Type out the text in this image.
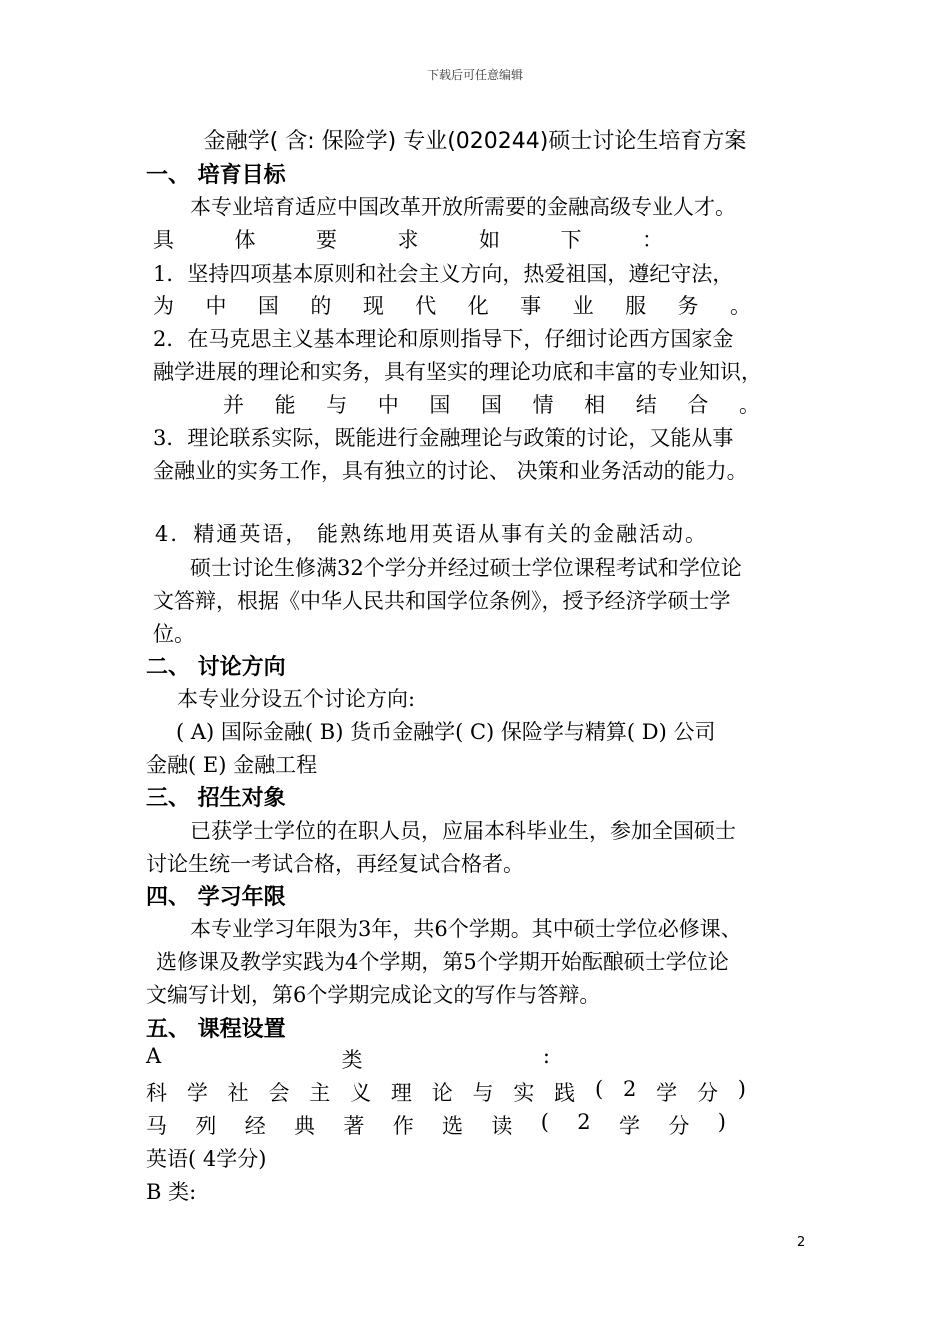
下载后可任意编辑
金融学( 含: 保险学) 专业(020244)硕士讨论生培育方案
一、 培育目标
本专业培育适应中国改革开放所需要的金融高级专业人才。
具	体	要	求	如	下	：
1．坚持四项基本原则和社会主义方向，热爱祖国，遵纪守法，
为 中 国 的 现 代 化 事 业 服 务 。
2．在马克思主义基本理论和原则指导下，仔细讨论西方国家金
融学进展的理论和实务，具有坚实的理论功底和丰富的专业知识，
并 能 与 中 国 国 情 相 结 合 。
3．理论联系实际，既能进行金融理论与政策的讨论，又能从事
金融业的实务工作，具有独立的讨论、 决策和业务活动的能力。
4．精通英语， 能熟练地用英语从事有关的金融活动。
硕士讨论生修满32个学分并经过硕士学位课程考试和学位论
文答辩，根据《中华人民共和国学位条例》，授予经济学硕士学
位。
二、 讨论方向
本专业分设五个讨论方向:
( A) 国际金融( B) 货币金融学( C) 保险学与精算( D) 公司
金融( E) 金融工程
三、 招生对象
已获学士学位的在职人员，应届本科毕业生，参加全国硕士
讨论生统一考试合格，再经复试合格者。
四、 学习年限
本专业学习年限为3年，共6个学期。其中硕士学位必修课、
选修课及教学实践为4个学期，第5个学期开始酝酿硕士学位论
文编写计划，第6个学期完成论文的写作与答辩。
五、 课程设置
A	类	:
科 学 社 会 主 义 理 论 与 实 践 ( 2 学 分 )
马 列 经 典 著 作 选 读 ( 2 学 分 )
英语( 4学分)
B 类:
2
